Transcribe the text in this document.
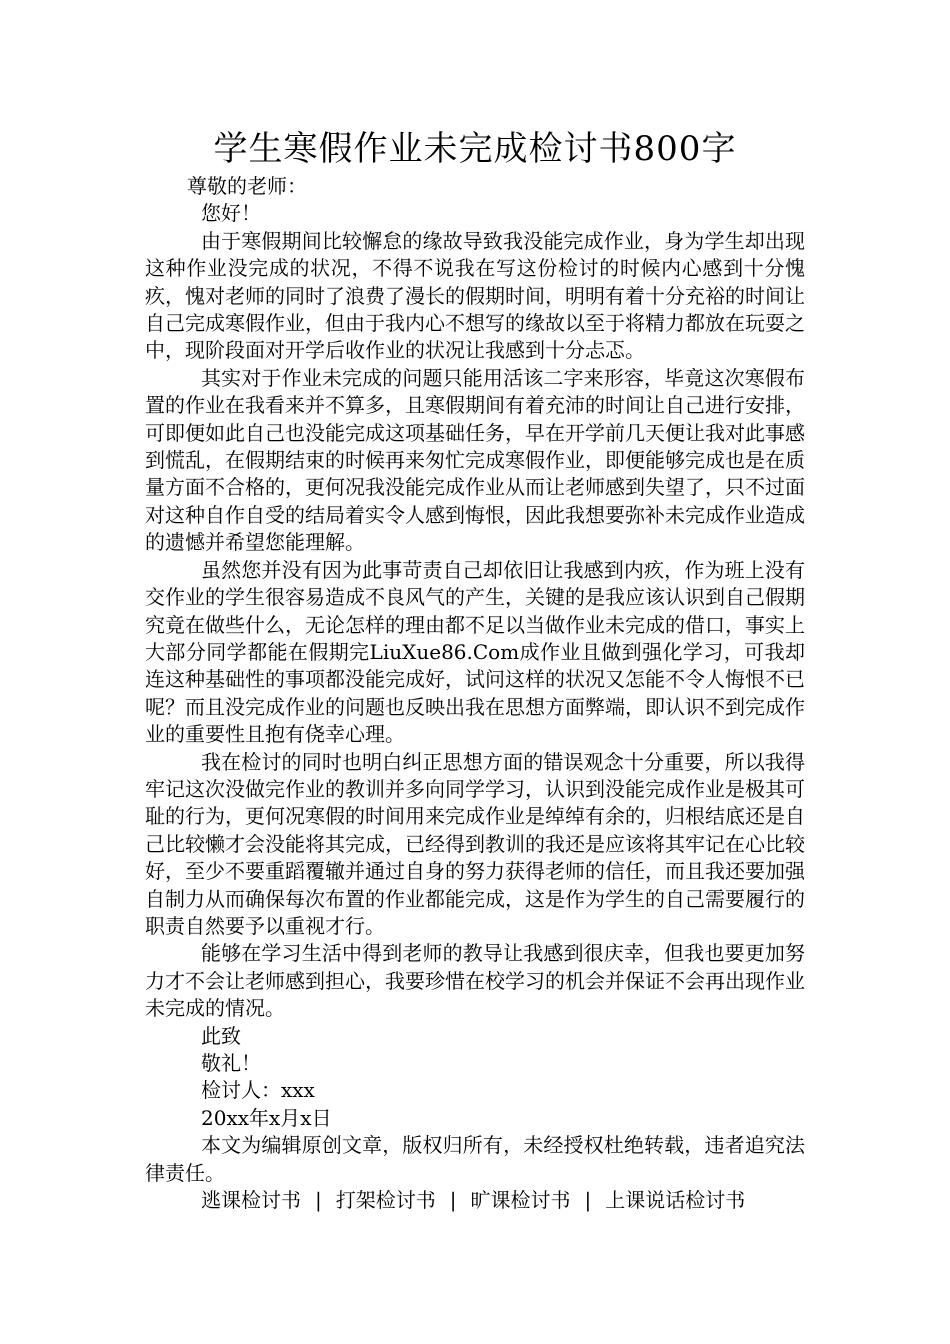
学生寒假作业未完成检讨书800字

尊敬的老师：

您好！

由于寒假期间比较懈怠的缘故导致我没能完成作业，身为学生却出现这种作业没完成的状况，不得不说我在写这份检讨的时候内心感到十分愧疚，愧对老师的同时了浪费了漫长的假期时间，明明有着十分充裕的时间让自己完成寒假作业，但由于我内心不想写的缘故以至于将精力都放在玩耍之中，现阶段面对开学后收作业的状况让我感到十分忐忑。

其实对于作业未完成的问题只能用活该二字来形容，毕竟这次寒假布置的作业在我看来并不算多，且寒假期间有着充沛的时间让自己进行安排，可即便如此自己也没能完成这项基础任务，早在开学前几天便让我对此事感到慌乱，在假期结束的时候再来匆忙完成寒假作业，即便能够完成也是在质量方面不合格的，更何况我没能完成作业从而让老师感到失望了，只不过面对这种自作自受的结局着实令人感到悔恨，因此我想要弥补未完成作业造成的遗憾并希望您能理解。

虽然您并没有因为此事苛责自己却依旧让我感到内疚，作为班上没有交作业的学生很容易造成不良风气的产生，关键的是我应该认识到自己假期究竟在做些什么，无论怎样的理由都不足以当做作业未完成的借口，事实上大部分同学都能在假期完LiuXue86.Com成作业且做到强化学习，可我却连这种基础性的事项都没能完成好，试问这样的状况又怎能不令人悔恨不已呢？而且没完成作业的问题也反映出我在思想方面弊端，即认识不到完成作业的重要性且抱有侥幸心理。

我在检讨的同时也明白纠正思想方面的错误观念十分重要，所以我得牢记这次没做完作业的教训并多向同学学习，认识到没能完成作业是极其可耻的行为，更何况寒假的时间用来完成作业是绰绰有余的，归根结底还是自己比较懒才会没能将其完成，已经得到教训的我还是应该将其牢记在心比较好，至少不要重蹈覆辙并通过自身的努力获得老师的信任，而且我还要加强自制力从而确保每次布置的作业都能完成，这是作为学生的自己需要履行的职责自然要予以重视才行。

能够在学习生活中得到老师的教导让我感到很庆幸，但我也要更加努力才不会让老师感到担心，我要珍惜在校学习的机会并保证不会再出现作业未完成的情况。

此致

敬礼！

检讨人：xxx

20xx年x月x日

本文为编辑原创文章，版权归所有，未经授权杜绝转载，违者追究法律责任。

逃课检讨书 | 打架检讨书 | 旷课检讨书 | 上课说话检讨书
